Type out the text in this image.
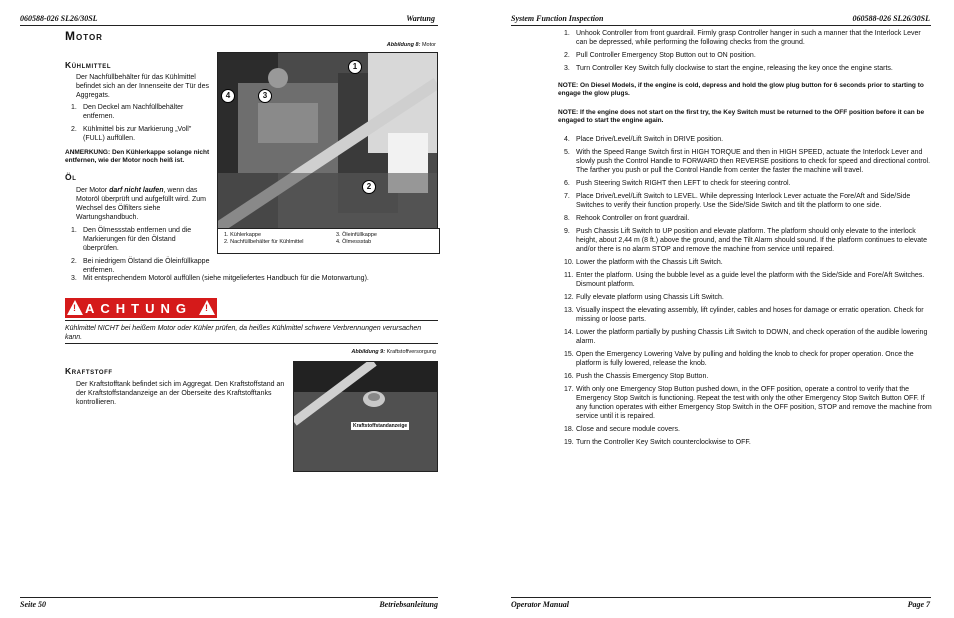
060588-026 SL26/30SL	Wartung
Motor
Abbildung 8: Motor
Kühlmittel
Der Nachfüllbehälter für das Kühlmittel befindet sich an der Innenseite der Tür des Aggregats.
1. Den Deckel am Nachfüllbehälter entfernen.
2. Kühlmittel bis zur Markierung „Voll" (FULL) auffüllen.
ANMERKUNG: Den Kühlerkappe solange nicht entfernen, wie der Motor noch heiß ist.
Öl
Der Motor darf nicht laufen, wenn das Motoröl überprüft und aufgefüllt wird. Zum Wechsel des Ölfilters siehe Wartungshandbuch.
1. Den Ölmessstab entfernen und die Markierungen für den Ölstand überprüfen.
2. Bei niedrigem Ölstand die Öleinfüllkappe entfernen.
3. Mit entsprechendem Motoröl auffüllen (siehe mitgeliefertes Handbuch für die Motorwartung).
1
2
3
4
1. Kühlerkappe
2. Nachfüllbehälter für Kühlmittel
3. Öleinfüllkappe
4. Ölmessstab
! ACHTUNG !
Kühlmittel NICHT bei heißem Motor oder Kühler prüfen, da heißes Kühlmittel schwere Verbrennungen verursachen kann.
Abbildung 9: Kraftstoffversorgung
Kraftstoff
Der Kraftstofftank befindet sich im Aggregat. Den Kraftstoffstand an der Kraftstoffstandanzeige an der Oberseite des Kraftstofftanks kontrollieren.
Kraftstoffstandanzeige
Seite 50	Betriebsanleitung
System Function Inspection	060588-026 SL26/30SL
1. Unhook Controller from front guardrail. Firmly grasp Controller hanger in such a manner that the Interlock Lever can be depressed, while performing the following checks from the ground.
2. Pull Controller Emergency Stop Button out to ON position.
3. Turn Controller Key Switch fully clockwise to start the engine, releasing the key once the engine starts.
NOTE: On Diesel Models, if the engine is cold, depress and hold the glow plug button for 6 seconds prior to starting to engage the glow plugs.
NOTE: If the engine does not start on the first try, the Key Switch must be returned to the OFF position before it can be engaged to start the engine again.
4. Place Drive/Level/Lift Switch in DRIVE position.
5. With the Speed Range Switch first in HIGH TORQUE and then in HIGH SPEED, actuate the Interlock Lever and slowly push the Control Handle to FORWARD then REVERSE positions to check for speed and directional control. The farther you push or pull the Control Handle from center the faster the machine will travel.
6. Push Steering Switch RIGHT then LEFT to check for steering control.
7. Place Drive/Level/Lift Switch to LEVEL. While depressing Interlock Lever actuate the Fore/Aft and Side/Side Switches to verify their function properly. Use the Side/Side Switch and tilt the platform to one side.
8. Rehook Controller on front guardrail.
9. Push Chassis Lift Switch to UP position and elevate platform. The platform should only elevate to the interlock height, about 2,44 m (8 ft.) above the ground, and the Tilt Alarm should sound. If the platform continues to elevate and/or there is no alarm STOP and remove the machine from service until repaired.
10. Lower the platform with the Chassis Lift Switch.
11. Enter the platform. Using the bubble level as a guide level the platform with the Side/Side and Fore/Aft Switches. Dismount platform.
12. Fully elevate platform using Chassis Lift Switch.
13. Visually inspect the elevating assembly, lift cylinder, cables and hoses for damage or erratic operation. Check for missing or loose parts.
14. Lower the platform partially by pushing Chassis Lift Switch to DOWN, and check operation of the audible lowering alarm.
15. Open the Emergency Lowering Valve by pulling and holding the knob to check for proper operation. Once the platform is fully lowered, release the knob.
16. Push the Chassis Emergency Stop Button.
17. With only one Emergency Stop Button pushed down, in the OFF position, operate a control to verify that the Emergency Stop Switch is functioning. Repeat the test with only the other Emergency Stop Switch Button OFF. If any function operates with either Emergency Stop Switch in the OFF position, STOP and remove the machine from service until it is repaired.
18. Close and secure module covers.
19. Turn the Controller Key Switch counterclockwise to OFF.
Operator Manual	Page 7
